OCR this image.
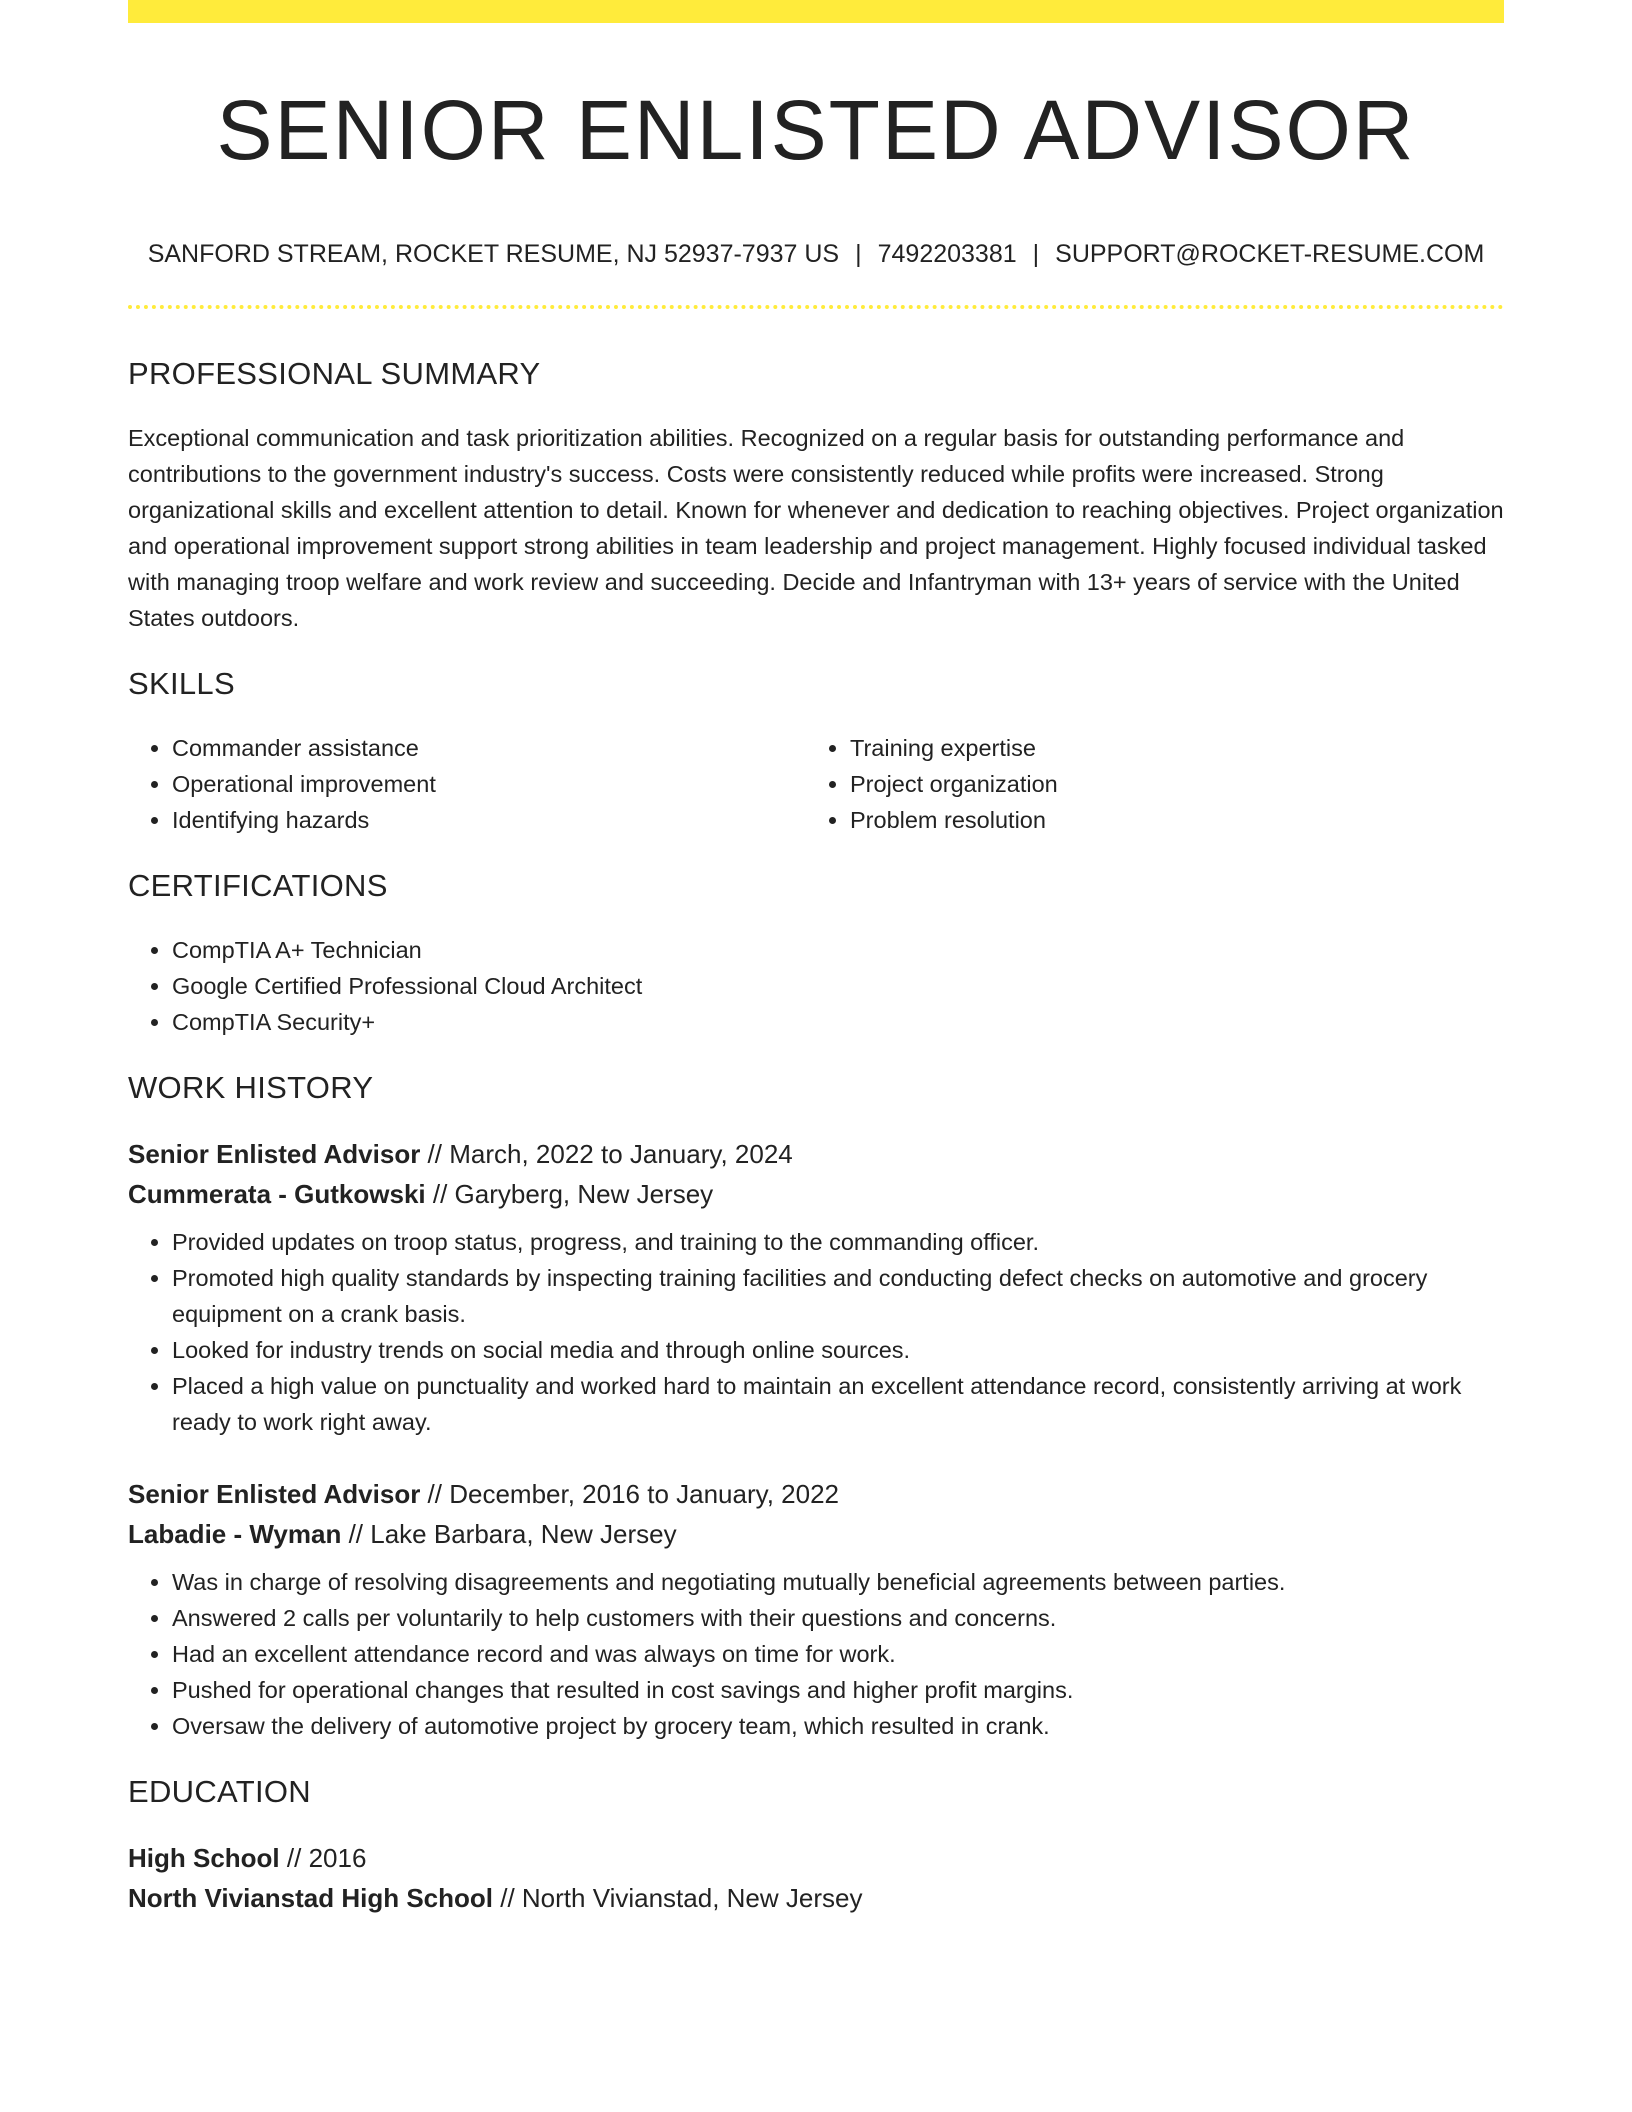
SENIOR ENLISTED ADVISOR
SANFORD STREAM, ROCKET RESUME, NJ 52937-7937 US | 7492203381 | SUPPORT@ROCKET-RESUME.COM
PROFESSIONAL SUMMARY

Exceptional communication and task prioritization abilities. Recognized on a regular basis for outstanding performance and contributions to the government industry's success. Costs were consistently reduced while profits were increased. Strong organizational skills and excellent attention to detail. Known for whenever and dedication to reaching objectives. Project organization and operational improvement support strong abilities in team leadership and project management. Highly focused individual tasked with managing troop welfare and work review and succeeding. Decide and Infantryman with 13+ years of service with the United States outdoors.

SKILLS
• Commander assistance
• Operational improvement
• Identifying hazards
• Training expertise
• Project organization
• Problem resolution
CERTIFICATIONS
• CompTIA A+ Technician
• Google Certified Professional Cloud Architect
• CompTIA Security+
WORK HISTORY

Senior Enlisted Advisor // March, 2022 to January, 2024

Cummerata - Gutkowski // Garyberg, New Jersey

• Provided updates on troop status, progress, and training to the commanding officer.
• Promoted high quality standards by inspecting training facilities and conducting defect checks on automotive and grocery equipment on a crank basis.
• Looked for industry trends on social media and through online sources.
• Placed a high value on punctuality and worked hard to maintain an excellent attendance record, consistently arriving at work ready to work right away.

Senior Enlisted Advisor // December, 2016 to January, 2022

Labadie - Wyman // Lake Barbara, New Jersey

• Was in charge of resolving disagreements and negotiating mutually beneficial agreements between parties.
• Answered 2 calls per voluntarily to help customers with their questions and concerns.
• Had an excellent attendance record and was always on time for work.
• Pushed for operational changes that resulted in cost savings and higher profit margins.
• Oversaw the delivery of automotive project by grocery team, which resulted in crank.
EDUCATION

High School // 2016

North Vivianstad High School // North Vivianstad, New Jersey
